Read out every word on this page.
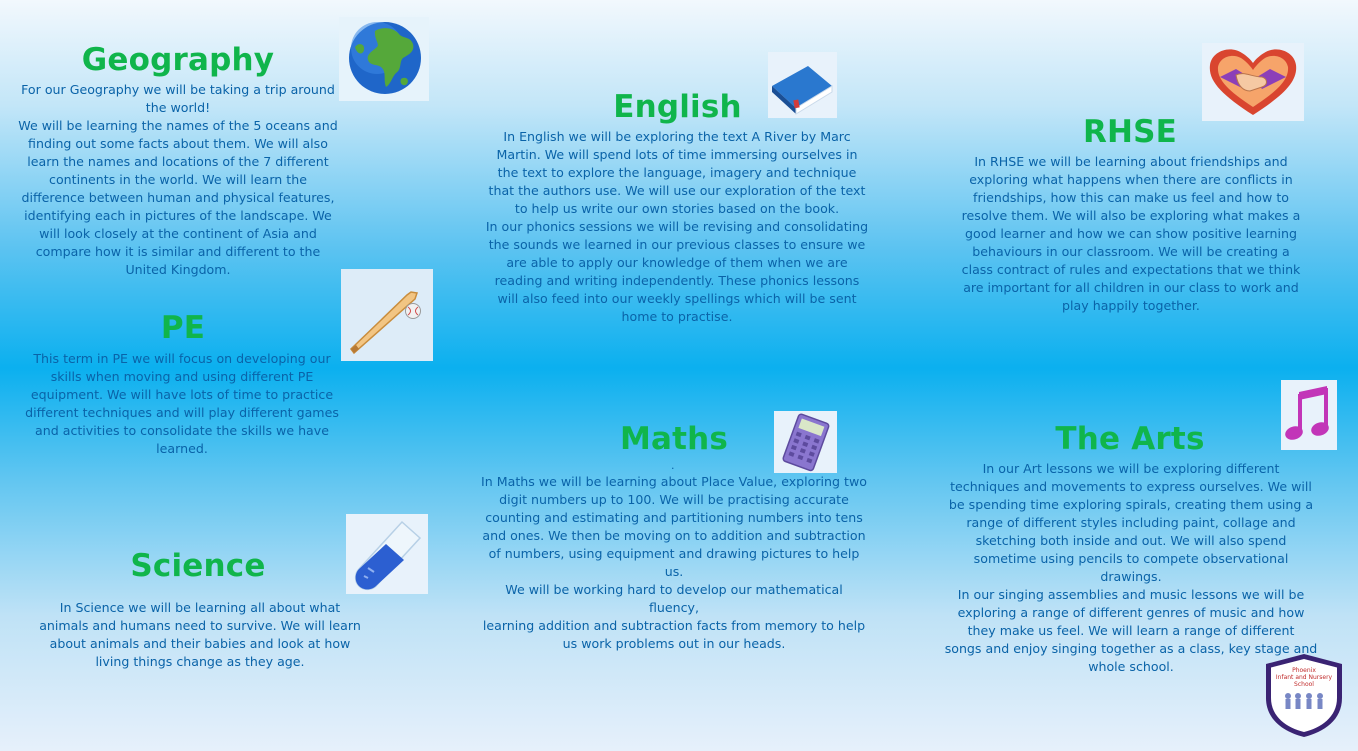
Geography

For our Geography we will be taking a trip around
the world!
We will be learning the names of the 5 oceans and
finding out some facts about them. We will also
learn the names and locations of the 7 different
continents in the world. We will learn the
difference between human and physical features,
identifying each in pictures of the landscape. We
will look closely at the continent of Asia and
compare how it is similar and different to the
United Kingdom.

PE

This term in PE we will focus on developing our
skills when moving and using different PE
equipment. We will have lots of time to practice
different techniques and will play different games
and activities to consolidate the skills we have
learned.

Science

In Science we will be learning all about what
animals and humans need to survive. We will learn
about animals and their babies and look at how
living things change as they age.

English

In English we will be exploring the text A River by Marc
Martin. We will spend lots of time immersing ourselves in
the text to explore the language, imagery and technique
that the authors use. We will use our exploration of the text
to help us write our own stories based on the book.
In our phonics sessions we will be revising and consolidating
the sounds we learned in our previous classes to ensure we
are able to apply our knowledge of them when we are
reading and writing independently. These phonics lessons
will also feed into our weekly spellings which will be sent
home to practise.

Maths
.

In Maths we will be learning about Place Value, exploring two
digit numbers up to 100. We will be practising accurate
counting and estimating and partitioning numbers into tens
and ones. We then be moving on to addition and subtraction
of numbers, using equipment and drawing pictures to help us.
We will be working hard to develop our mathematical fluency,
learning addition and subtraction facts from memory to help
us work problems out in our heads.

RHSE

In RHSE we will be learning about friendships and
exploring what happens when there are conflicts in
friendships, how this can make us feel and how to
resolve them. We will also be exploring what makes a
good learner and how we can show positive learning
behaviours in our classroom. We will be creating a
class contract of rules and expectations that we think
are important for all children in our class to work and
play happily together.

The Arts

In our Art lessons we will be exploring different
techniques and movements to express ourselves. We will
be spending time exploring spirals, creating them using a
range of different styles including paint, collage and
sketching both inside and out. We will also spend
sometime using pencils to compete observational
drawings.
In our singing assemblies and music lessons we will be
exploring a range of different genres of music and how
they make us feel. We will learn a range of different
songs and enjoy singing together as a class, key stage and
whole school.	Phoenix
Infant and Nursery
School
